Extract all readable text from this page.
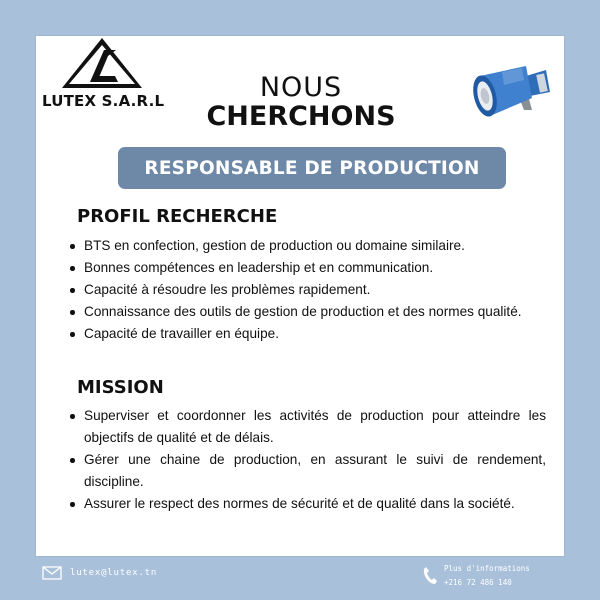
LUTEX S.A.R.L	NOUS
CHERCHONS
RESPONSABLE DE PRODUCTION
PROFIL RECHERCHE
BTS en confection, gestion de production ou domaine similaire.
Bonnes compétences en leadership et en communication.
Capacité à résoudre les problèmes rapidement.
Connaissance des outils de gestion de production et des normes qualité.
Capacité de travailler en équipe.
MISSION
Superviser et coordonner les activités de production pour atteindre les objectifs de qualité et de délais.
Gérer une chaine de production, en assurant le suivi de rendement, discipline.
Assurer le respect des normes de sécurité et de qualité dans la société.
lutex@lutex.tn	Plus d'informations
+216 72 486 140
